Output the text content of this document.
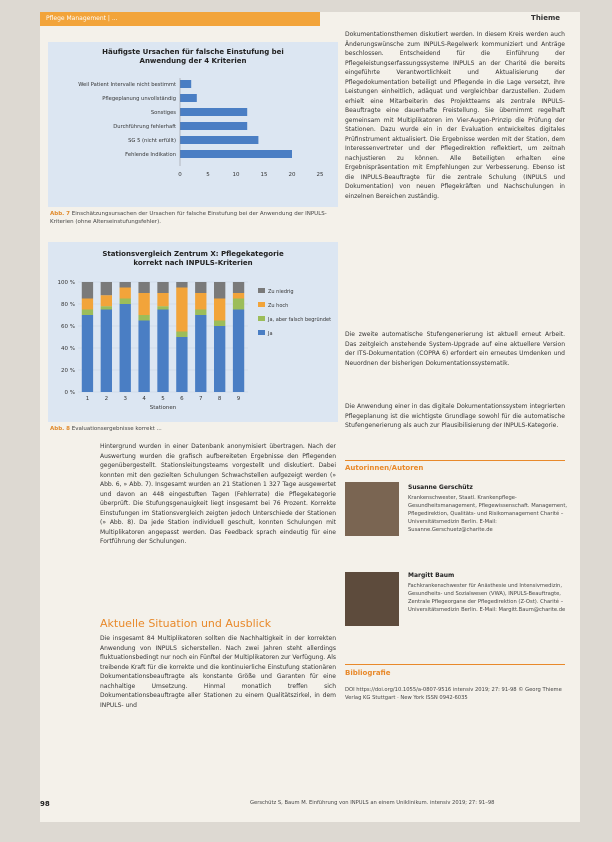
Pflege Management | ...	Thieme
Häufigste Ursachen für falsche Einstufung bei Anwendung der 4 Kriterien
Weil Patient Intervalle nicht bestimmt
Pflegeplanung unvollständig
Sonstiges
Durchführung fehlerhaft
SG 5 (nicht erfüllt)
Fehlende Indikation
0	5	10	15	20	25
Abb. 7 Einschätzungsursachen der Ursachen für falsche Einstufung bei der Anwendung der INPULS-Kriterien (ohne Alterseinstufungsfehler).
Stationsvergleich Zentrum X: Pflegekategorie korrekt nach INPULS-Kriterien
0 %
20 %
40 %
60 %
80 %
100 %
1	2	3	4	5	6	7	8	9
Stationen
Zu niedrig
Zu hoch
Ja, aber falsch begründet
Ja
Abb. 8 Evaluationsergebnisse korrekt ...
Dokumentationsthemen diskutiert werden. In diesem Kreis werden auch Änderungswünsche zum INPULS-Regelwerk kommuniziert und Anträge beschlossen. Entscheidend für die Einführung der Pflegeleistungserfassungssysteme INPULS an der Charité die bereits eingeführte Verantwortlichkeit und Aktualisierung der Pflegedokumentation beteiligt und Pflegende in die Lage versetzt, ihre Leistungen einheitlich, adäquat und vergleichbar darzustellen. Zudem erhielt eine Mitarbeiterin des Projektteams als zentrale INPULS-Beauftragte eine dauerhafte Freistellung. Sie übernimmt regelhaft gemeinsam mit Multiplikatoren im Vier-Augen-Prinzip die Prüfung der Stationen. Dazu wurde ein in der Evaluation entwickeltes digitales Prüfinstrument aktualisiert. Die Ergebnisse werden mit der Station, dem Interessenvertreter und der Pflegedirektion reflektiert, um zeitnah nachjustieren zu können. Alle Beteiligten erhalten eine Ergebnispräsentation mit Empfehlungen zur Verbesserung. Ebenso ist die INPULS-Beauftragte für die zentrale Schulung (INPULS und Dokumentation) von neuen Pflegekräften und Nachschulungen in einzelnen Bereichen zuständig.
Die zweite automatische Stufengenerierung ist aktuell erneut Arbeit. Das zeitgleich anstehende System-Upgrade auf eine aktuellere Version der ITS-Dokumentation (COPRA 6) erfordert ein erneutes Umdenken und Neuordnen der bisherigen Dokumentationssystematik.
Die Anwendung einer in das digitale Dokumentationssystem integrierten Pflegeplanung ist die wichtigste Grundlage sowohl für die automatische Stufengenerierung als auch zur Plausibilisierung der INPULS-Kategorie.
Hintergrund wurden in einer Datenbank anonymisiert übertragen. Nach der Auswertung wurden die grafisch aufbereiteten Ergebnisse den Pflegenden gegenübergestellt. Stationsleitungsteams vorgestellt und diskutiert. Dabei konnten mit den gezielten Schulungen Schwachstellen aufgezeigt werden (» Abb. 6, » Abb. 7). Insgesamt wurden an 21 Stationen 1 327 Tage ausgewertet und davon an 448 eingestuften Tagen (Fehlerrate) die Pflegekategorie überprüft. Die Stufungsgenauigkeit liegt insgesamt bei 76 Prozent. Korrekte Einstufungen im Stationsvergleich zeigten jedoch Unterschiede der Stationen (» Abb. 8). Da jede Station individuell geschult, konnten Schulungen mit Multiplikatoren angepasst werden. Das Feedback sprach eindeutig für eine Fortführung der Schulungen.
Aktuelle Situation und Ausblick
Die insgesamt 84 Multiplikatoren sollten die Nachhaltigkeit in der korrekten Anwendung von INPULS sicherstellen. Nach zwei Jahren steht allerdings fluktuationsbedingt nur noch ein Fünftel der Multiplikatoren zur Verfügung. Als treibende Kraft für die korrekte und die kontinuierliche Einstufung stationären Dokumentationsbeauftragte als konstante Größe und Garanten für eine nachhaltige Umsetzung. Hinmal monatlich treffen sich Dokumentationsbeauftragte aller Stationen zu einem Qualitätszirkel, in dem INPULS- und
Autorinnen/Autoren
Susanne Gerschütz
Krankenschwester, Staatl. Krankenpflege-Gesundheitsmanagement, Pflegewissenschaft. Management, Pflegedirektion, Qualitäts- und Risikomanagement Charité – Universitätsmedizin Berlin. E-Mail: Susanne.Gerschuetz@charite.de
Margitt Baum
Fachkrankenschwester für Anästhesie und Intensivmedizin, Gesundheits- und Sozialwesen (VWA), INPULS-Beauftragte, Zentrale Pflegeorgane der Pflegedirektion (Z-Ost). Charité – Universitätsmedizin Berlin. E-Mail: Margitt.Baum@charite.de
Bibliografie
DOI https://doi.org/10.1055/a-0807-9516 intensiv 2019; 27: 91-98 © Georg Thieme Verlag KG Stuttgart · New York ISSN 0942-6035
98	Gerschütz S, Baum M. Einführung von INPULS an einem Uniklinikum. intensiv 2019; 27: 91–98
